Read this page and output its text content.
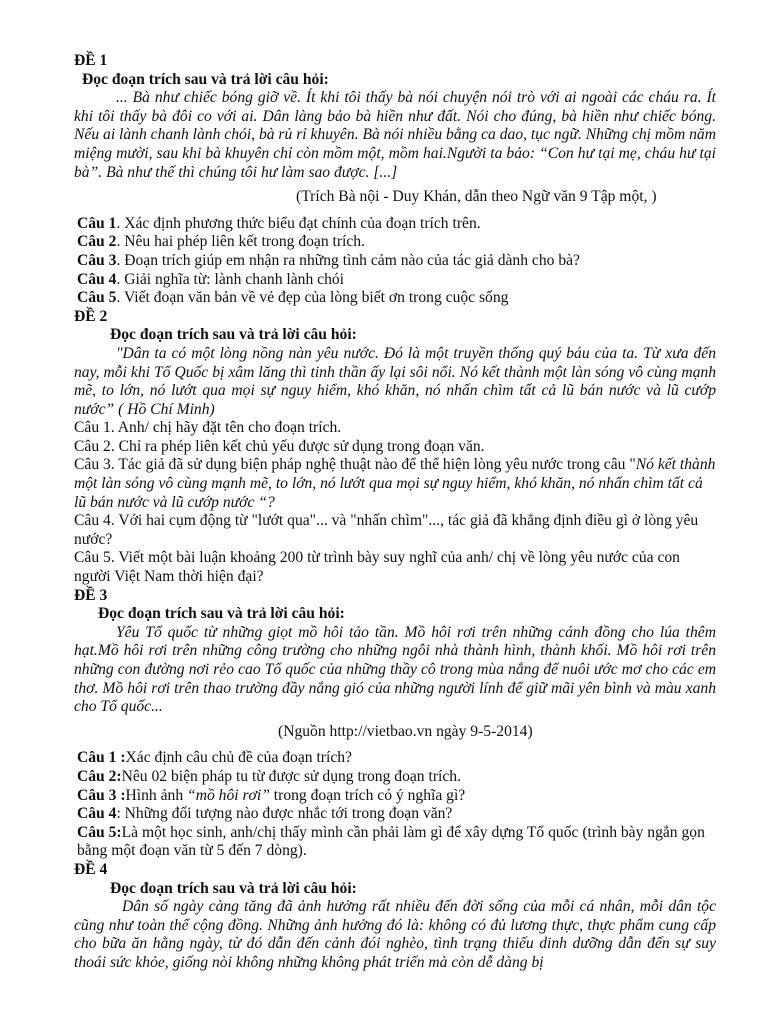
ĐỀ 1

Đọc đoạn trích sau và trả lời câu hỏi:

... Bà như chiếc bóng giỡ về. Ít khi tôi thấy bà nói chuyện nói trò với ai ngoài các cháu ra. Ít khi tôi thấy bà đôi co với ai. Dân làng bảo bà hiền như đất. Nói cho đúng, bà hiền như chiếc bóng. Nếu ai lành chanh lành chói, bà rủ rỉ khuyên. Bà nói nhiều bằng ca dao, tục ngữ. Những chị mồm năm miệng mười, sau khi bà khuyên chỉ còn mồm một, mồm hai.Người ta bảo: “Con hư tại mẹ, cháu hư tại bà”. Bà như thế thì chúng tôi hư làm sao được. [...]

(Trích Bà nội - Duy Khán, dẫn theo Ngữ văn 9 Tập một, )

Câu 1. Xác định phương thức biểu đạt chính của đoạn trích trên.

Câu 2. Nêu hai phép liên kết trong đoạn trích.

Câu 3. Đoạn trích giúp em nhận ra những tình cảm nào của tác giả dành cho bà?

Câu 4. Giải nghĩa từ: lành chanh lành chói

Câu 5. Viết đoạn văn bản về vẻ đẹp của lòng biết ơn trong cuộc sống

ĐỀ 2

Đọc đoạn trích sau và trả lời câu hỏi:

"Dân ta có một lòng nồng nàn yêu nước. Đó là một truyền thống quý báu của ta. Từ xưa đến nay, mỗi khi Tổ Quốc bị xâm lăng thì tinh thần ấy lại sôi nổi. Nó kết thành một làn sóng vô cùng mạnh mẽ, to lớn, nó lướt qua mọi sự nguy hiểm, khó khăn, nó nhấn chìm tất cả lũ bán nước và lũ cướp nước” ( Hồ Chí Minh)

Câu 1. Anh/ chị hãy đặt tên cho đoạn trích.

Câu 2. Chỉ ra phép liên kết chủ yếu được sử dụng trong đoạn văn.

Câu 3. Tác giả đã sử dụng biện pháp nghệ thuật nào để thể hiện lòng yêu nước trong câu "Nó kết thành một làn sóng vô cùng mạnh mẽ, to lớn, nó lướt qua mọi sự nguy hiểm, khó khăn, nó nhấn chìm tất cả lũ bán nước và lũ cướp nước “?

Câu 4. Với hai cụm động từ "lướt qua"... và "nhấn chìm"..., tác giả đã khẳng định điều gì ở lòng yêu nước?

Câu 5. Viết một bài luận khoảng 200 từ trình bày suy nghĩ của anh/ chị về lòng yêu nước của con người Việt Nam thời hiện đại?

ĐỀ 3

Đọc đoạn trích sau và trả lời câu hỏi:

Yêu Tổ quốc từ những giọt mồ hôi tảo tần. Mồ hôi rơi trên những cánh đồng cho lúa thêm hạt.Mồ hôi rơi trên những công trường cho những ngôi nhà thành hình, thành khối. Mồ hôi rơi trên những con đường nơi rẻo cao Tổ quốc của những thầy cô trong mùa nắng để nuôi ước mơ cho các em thơ. Mồ hôi rơi trên thao trường đầy nắng gió của những người lính để giữ mãi yên bình và màu xanh cho Tổ quốc...

(Nguồn http://vietbao.vn ngày 9-5-2014)

Câu 1 :Xác định câu chủ đề của đoạn trích?

Câu 2:Nêu 02 biện pháp tu từ được sử dụng trong đoạn trích.

Câu 3 :Hình ảnh “mồ hôi rơi” trong đoạn trích có ý nghĩa gì?

Câu 4: Những đối tượng nào được nhắc tới trong đoạn văn?

Câu 5:Là một học sinh, anh/chị thấy mình cần phải làm gì để xây dựng Tổ quốc (trình bày ngắn gọn bằng một đoạn văn từ 5 đến 7 dòng).

ĐỀ 4

Đọc đoạn trích sau và trả lời câu hỏi:

Dân số ngày càng tăng đã ảnh hưởng rất nhiều đến đời sống của mỗi cá nhân, mỗi dân tộc cũng như toàn thể cộng đồng. Những ảnh hưởng đó là: không có đủ lương thực, thực phẩm cung cấp cho bữa ăn hằng ngày, từ đó dẫn đến cảnh đói nghèo, tình trạng thiếu dinh dưỡng dẫn đến sự suy thoái sức khỏe, giống nòi không những không phát triển mà còn dễ dàng bị
